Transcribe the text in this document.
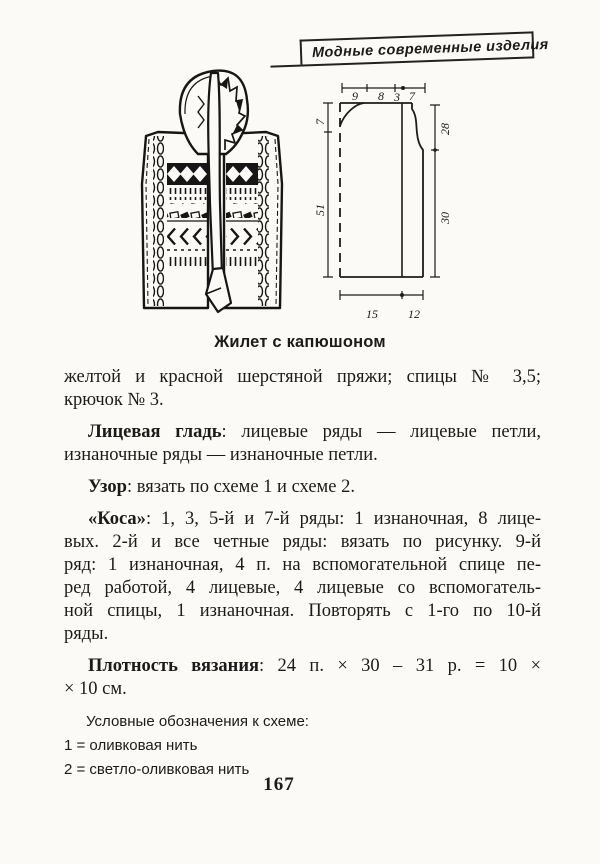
Модные современные изделия
9 8 3 7
7
51
28
30
15	12
Жилет с капюшоном
желтой и красной шерстяной пряжи; спицы № 3,5;
крючок № 3.
Лицевая гладь: лицевые ряды — лицевые петли,
изнаночные ряды — изнаночные петли.
Узор: вязать по схеме 1 и схеме 2.
«Коса»: 1, 3, 5-й и 7-й ряды: 1 изнаночная, 8 лице-
вых. 2-й и все четные ряды: вязать по рисунку. 9-й
ряд: 1 изнаночная, 4 п. на вспомогательной спице пе-
ред работой, 4 лицевые, 4 лицевые со вспомогатель-
ной спицы, 1 изнаночная. Повторять с 1-го по 10-й
ряды.
Плотность вязания: 24 п. × 30 – 31 р. = 10 ×
× 10 см.
Условные обозначения к схеме:
1 = оливковая нить
2 = светло-оливковая нить
167
